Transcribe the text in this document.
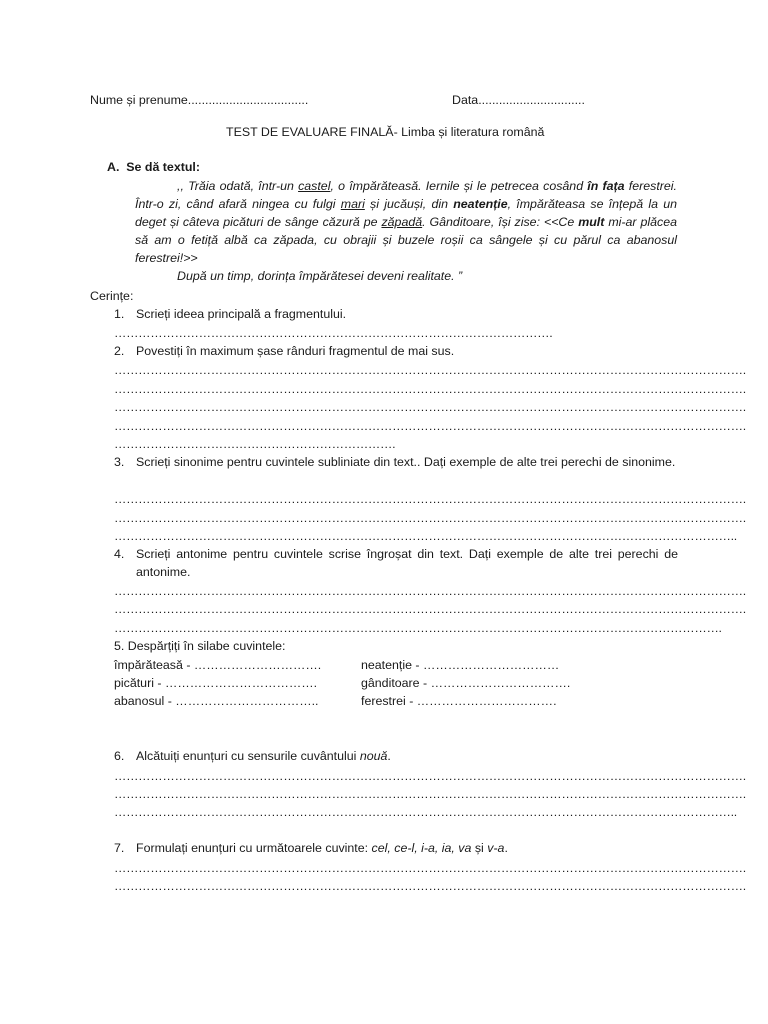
Nume și prenume...................................	Data...............................
TEST DE EVALUARE FINALĂ- Limba și literatura română
A. Se dă textul:

,, Trăia odată, într-un castel, o împărăteasă. Iernile și le petrecea cosând în fața ferestrei. Într-o zi, când afară ningea cu fulgi mari și jucăuși, din neatenție, împărăteasa se înțepă la un deget și câteva picături de sânge căzură pe zăpadă. Gânditoare, își zise: <<Ce mult mi-ar plăcea să am o fetiță albă ca zăpada, cu obrajii și buzele roșii ca sângele și cu părul ca abanosul ferestrei!>>

După un timp, dorința împărătesei deveni realitate. ”

Cerințe:
1. Scrieți ideea principală a fragmentului.
……………………………………………………………………………………………….
2. Povestiți în maximum șase rânduri fragmentul de mai sus.
………………………………………………………………………………………………………………………………………….
………………………………………………………………………………………………………………………………………….
………………………………………………………………………………………………………………………………………….
………………………………………………………………………………………………………………………………………….
…………………………………………………………….
3. Scrieți sinonime pentru cuvintele subliniate din text.. Dați exemple de alte trei perechi de sinonime.
………………………………………………………………………………………………………………………………………….
………………………………………………………………………………………………………………………………………….
………………………………………………………………………………………………………………………………………..
4. Scrieți antonime pentru cuvintele scrise îngroșat din text. Dați exemple de alte trei perechi de antonime.
………………………………………………………………………………………………………………………………………….
………………………………………………………………………………………………………………………………………….
…………………………………………………………………………………………………………………………………….
5. Despărțiți în silabe cuvintele:
împărăteasă - ………………………….	neatenție - ……………………………
picături - ……………………………….	gânditoare - …………………………….
abanosul - ……………………………..	ferestrei - …………………………….
6. Alcătuiți enunțuri cu sensurile cuvântului nouă.
………………………………………………………………………………………………………………………………………….
………………………………………………………………………………………………………………………………………….
………………………………………………………………………………………………………………………………………..
7. Formulați enunțuri cu următoarele cuvinte: cel, ce-l, i-a, ia, va și v-a.
………………………………………………………………………………………………………………………………………….
………………………………………………………………………………………………………………………………………….
